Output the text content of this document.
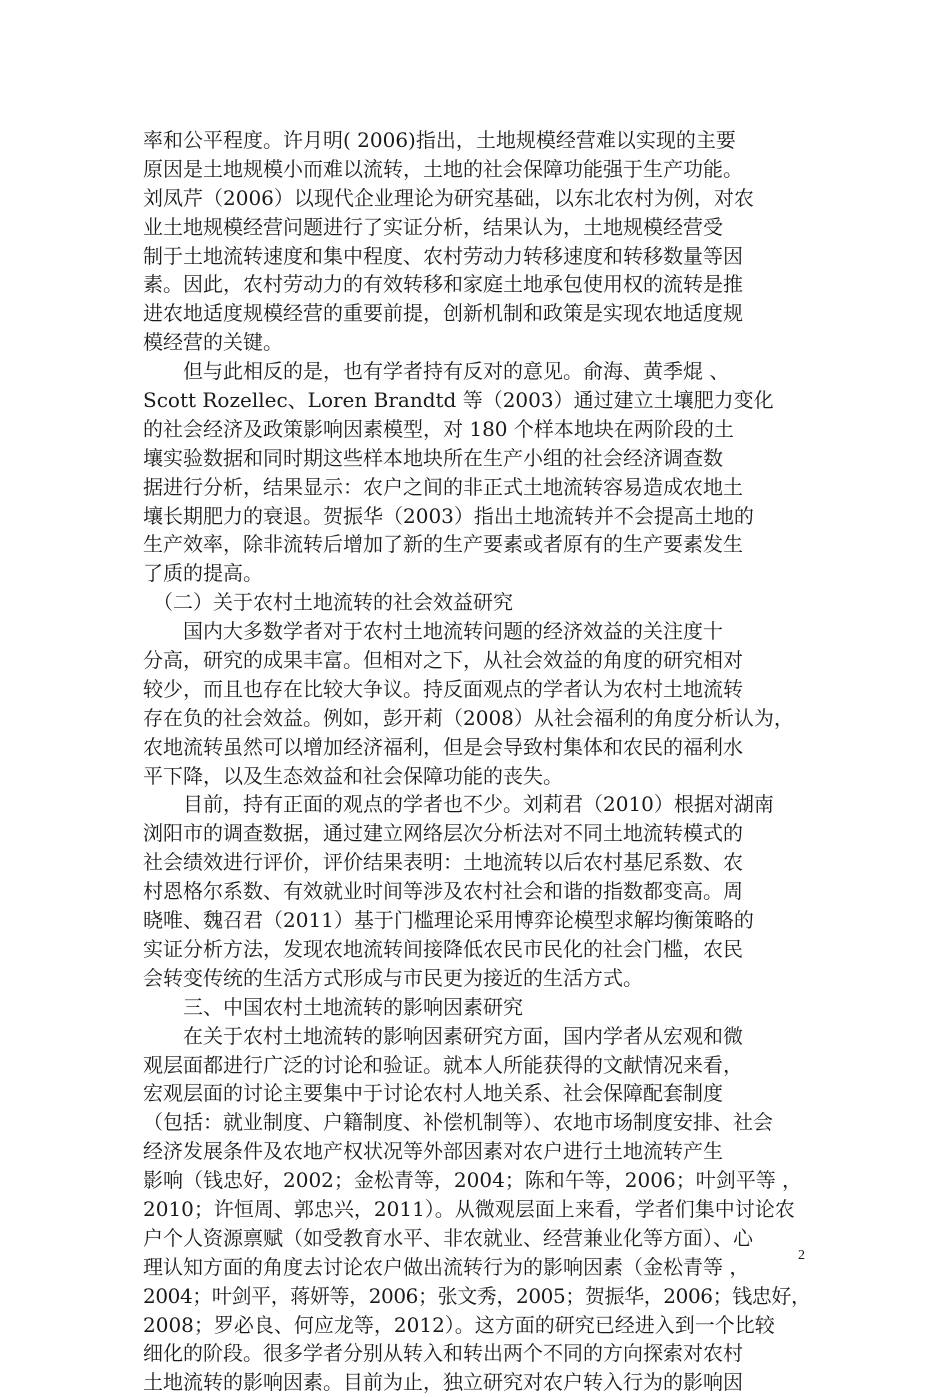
率和公平程度。许月明( 2006)指出，土地规模经营难以实现的主要
原因是土地规模小而难以流转，土地的社会保障功能强于生产功能。
刘凤芹（2006）以现代企业理论为研究基础，以东北农村为例，对农
业土地规模经营问题进行了实证分析，结果认为，土地规模经营受
制于土地流转速度和集中程度、农村劳动力转移速度和转移数量等因
素。因此，农村劳动力的有效转移和家庭土地承包使用权的流转是推
进农地适度规模经营的重要前提，创新机制和政策是实现农地适度规
模经营的关键。
　　但与此相反的是，也有学者持有反对的意见。俞海、黄季焜 、
Scott Rozellec、Loren Brandtd 等（2003）通过建立土壤肥力变化
的社会经济及政策影响因素模型，对 180 个样本地块在两阶段的土
壤实验数据和同时期这些样本地块所在生产小组的社会经济调查数
据进行分析，结果显示：农户之间的非正式土地流转容易造成农地土
壤长期肥力的衰退。贺振华（2003）指出土地流转并不会提高土地的
生产效率，除非流转后增加了新的生产要素或者原有的生产要素发生
了质的提高。
　（二）关于农村土地流转的社会效益研究
　　国内大多数学者对于农村土地流转问题的经济效益的关注度十
分高，研究的成果丰富。但相对之下，从社会效益的角度的研究相对
较少，而且也存在比较大争议。持反面观点的学者认为农村土地流转
存在负的社会效益。例如，彭开莉（2008）从社会福利的角度分析认为，
农地流转虽然可以增加经济福利，但是会导致村集体和农民的福利水
平下降，以及生态效益和社会保障功能的丧失。
　　目前，持有正面的观点的学者也不少。刘莉君（2010）根据对湖南
浏阳市的调查数据，通过建立网络层次分析法对不同土地流转模式的
社会绩效进行评价，评价结果表明：土地流转以后农村基尼系数、农
村恩格尔系数、有效就业时间等涉及农村社会和谐的指数都变高。周
晓唯、魏召君（2011）基于门槛理论采用博弈论模型求解均衡策略的
实证分析方法，发现农地流转间接降低农民市民化的社会门槛，农民
会转变传统的生活方式形成与市民更为接近的生活方式。
　　三、中国农村土地流转的影响因素研究
　　在关于农村土地流转的影响因素研究方面，国内学者从宏观和微
观层面都进行广泛的讨论和验证。就本人所能获得的文献情况来看，
宏观层面的讨论主要集中于讨论农村人地关系、社会保障配套制度
（包括：就业制度、户籍制度、补偿机制等）、农地市场制度安排、社会
经济发展条件及农地产权状况等外部因素对农户进行土地流转产生
影响（钱忠好，2002；金松青等，2004；陈和午等，2006；叶剑平等 ，
2010；许恒周、郭忠兴，2011）。从微观层面上来看，学者们集中讨论农
户个人资源禀赋（如受教育水平、非农就业、经营兼业化等方面）、心
理认知方面的角度去讨论农户做出流转行为的影响因素（金松青等 ，
2004；叶剑平，蒋妍等，2006；张文秀，2005；贺振华，2006；钱忠好，
2008；罗必良、何应龙等，2012）。这方面的研究已经进入到一个比较
细化的阶段。很多学者分别从转入和转出两个不同的方向探索对农村
土地流转的影响因素。目前为止，独立研究对农户转入行为的影响因
2
